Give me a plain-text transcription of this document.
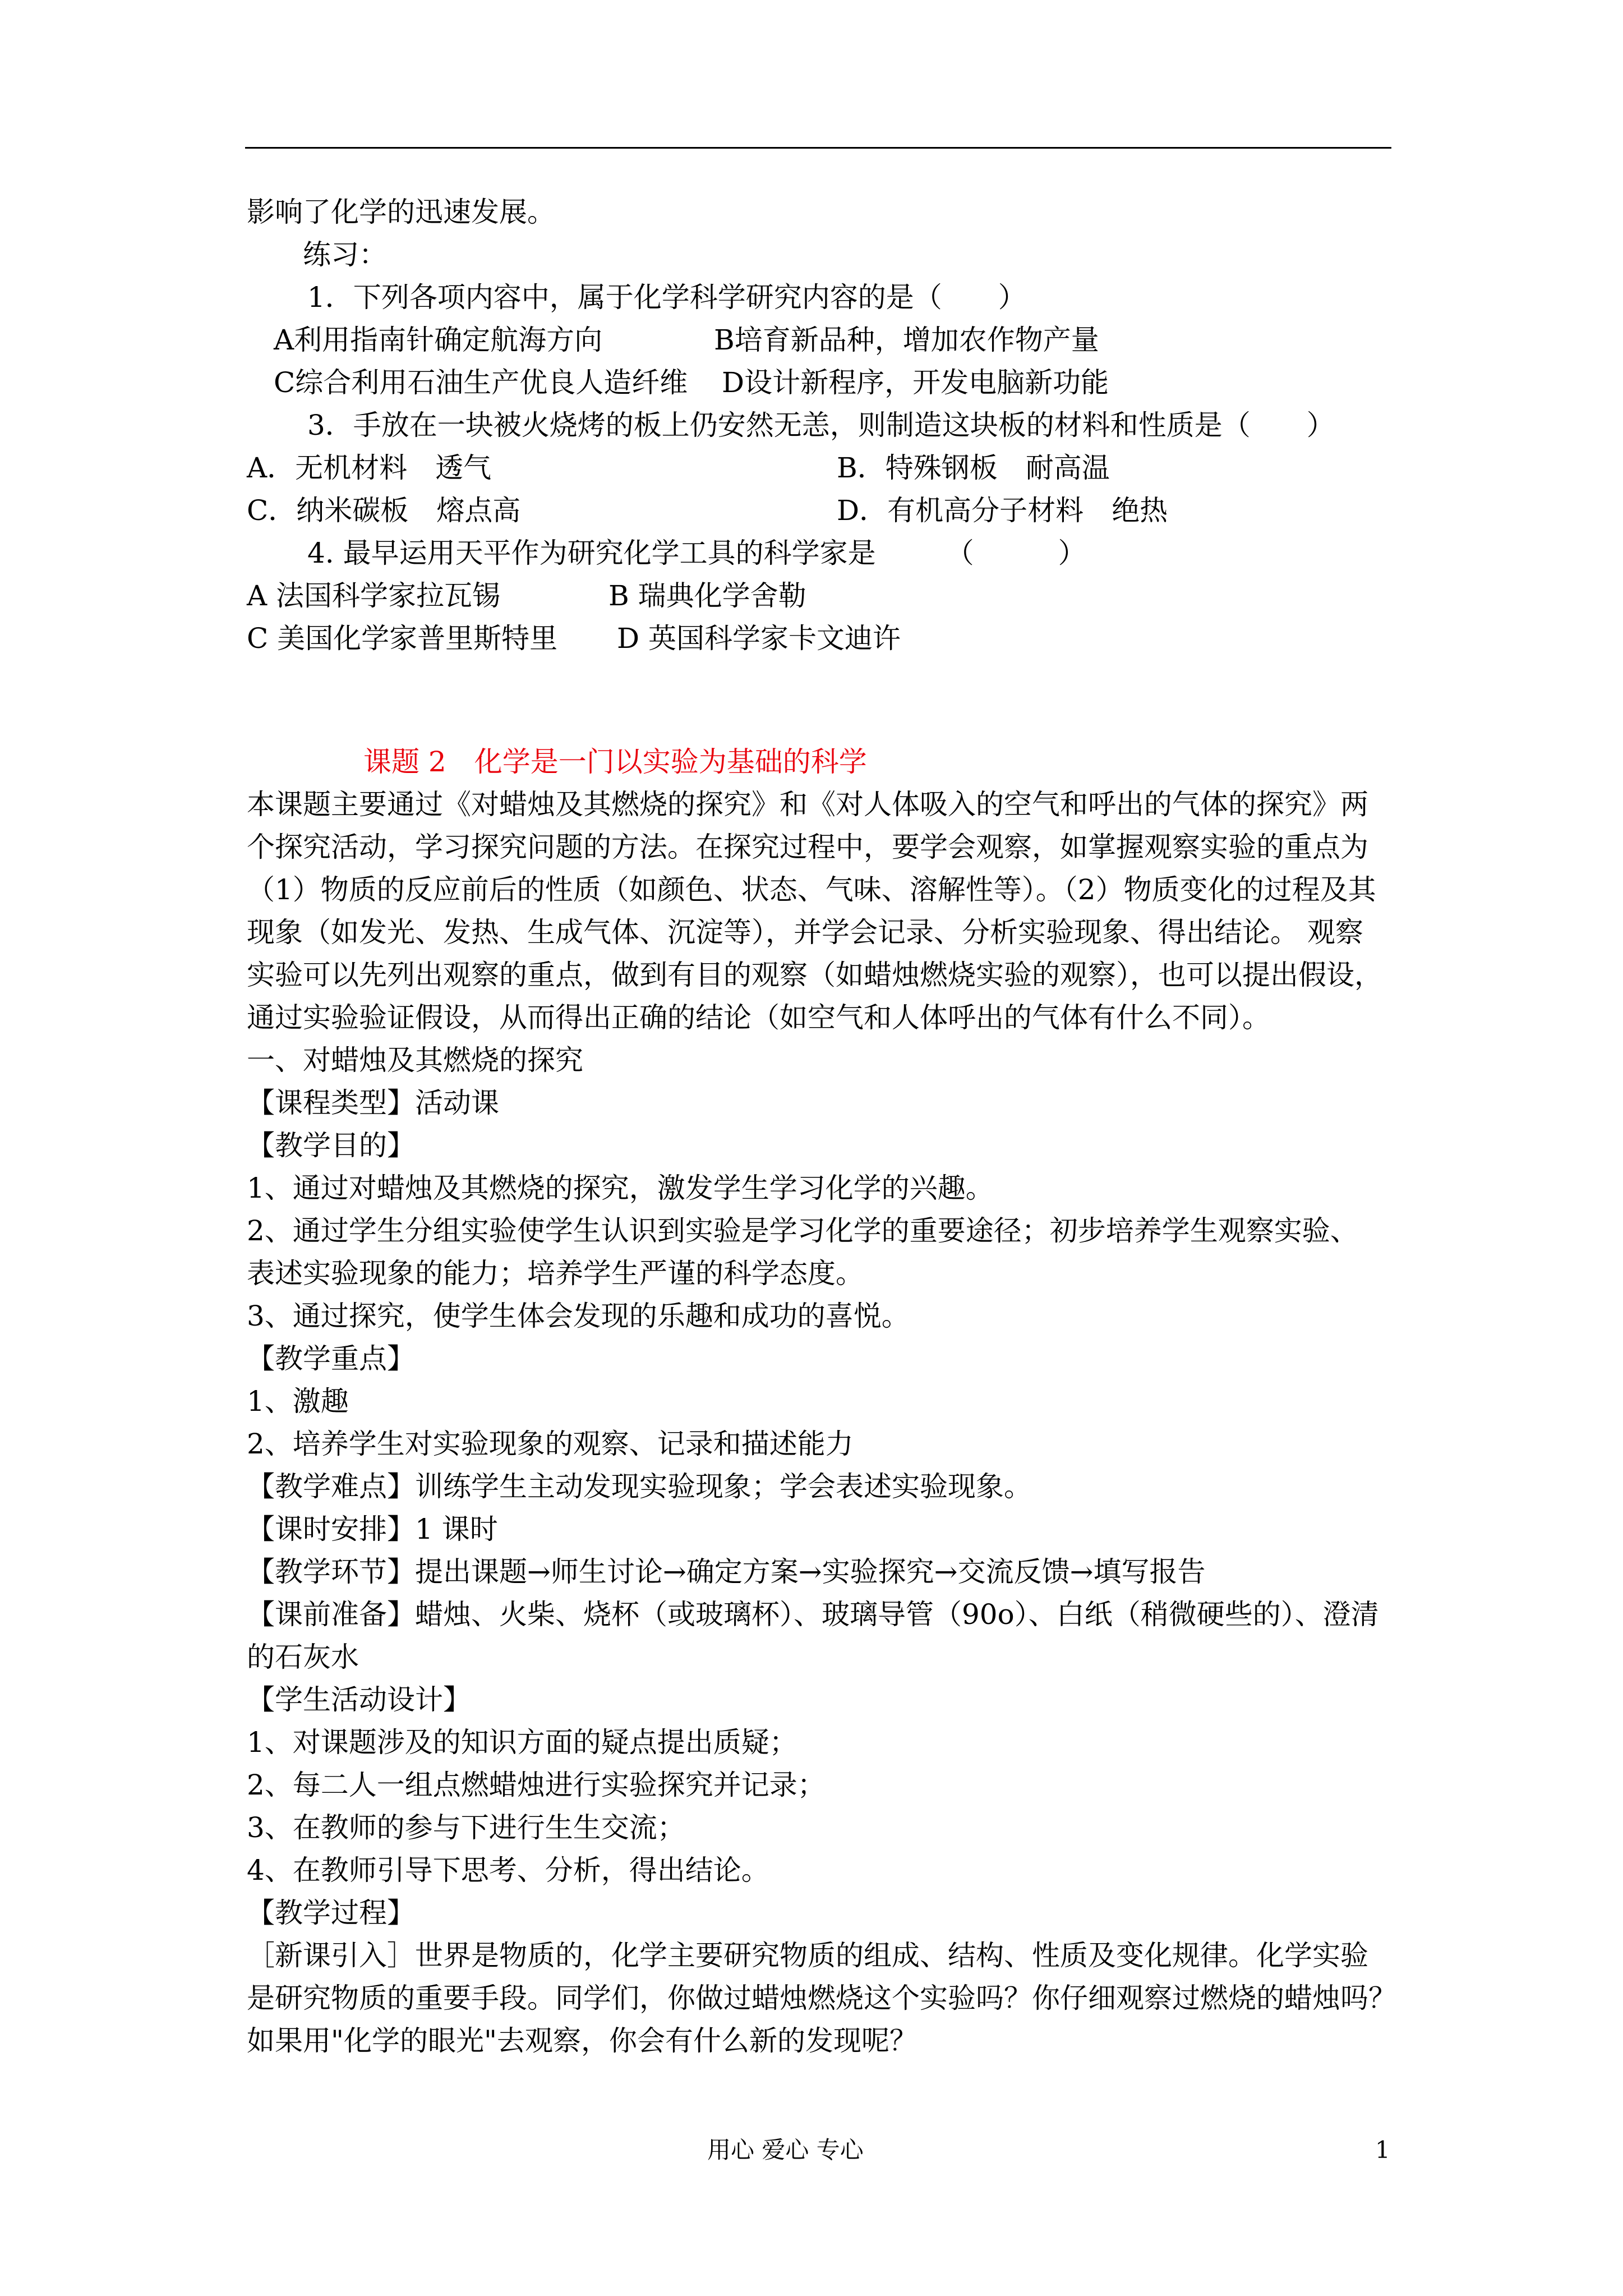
影响了化学的迅速发展。

练习：

1．下列各项内容中，属于化学科学研究内容的是（　　）

A利用指南针确定航海方向	B培育新品种，增加农作物产量
C综合利用石油生产优良人造纤维	D设计新程序，开发电脑新功能

3．手放在一块被火烧烤的板上仍安然无恙，则制造这块板的材料和性质是（　　）

A．无机材料　透气	B．特殊钢板　耐高温
C．纳米碳板　熔点高	D．有机高分子材料　绝热

4. 最早运用天平作为研究化学工具的科学家是　　　（　　　）

A 法国科学家拉瓦锡	B 瑞典化学舍勒
C 美国化学家普里斯特里	D 英国科学家卡文迪许

课题 2　化学是一门以实验为基础的科学

本课题主要通过《对蜡烛及其燃烧的探究》和《对人体吸入的空气和呼出的气体的探究》两

个探究活动，学习探究问题的方法。在探究过程中，要学会观察，如掌握观察实验的重点为

（1）物质的反应前后的性质（如颜色、状态、气味、溶解性等）。（2）物质变化的过程及其

现象（如发光、发热、生成气体、沉淀等），并学会记录、分析实验现象、得出结论。 观察

实验可以先列出观察的重点，做到有目的观察（如蜡烛燃烧实验的观察），也可以提出假设，

通过实验验证假设，从而得出正确的结论（如空气和人体呼出的气体有什么不同）。

一、对蜡烛及其燃烧的探究

【课程类型】活动课

【教学目的】

1、通过对蜡烛及其燃烧的探究，激发学生学习化学的兴趣。

2、通过学生分组实验使学生认识到实验是学习化学的重要途径；初步培养学生观察实验、

表述实验现象的能力；培养学生严谨的科学态度。

3、通过探究，使学生体会发现的乐趣和成功的喜悦。

【教学重点】

1、激趣

2、培养学生对实验现象的观察、记录和描述能力

【教学难点】训练学生主动发现实验现象；学会表述实验现象。

【课时安排】1 课时

【教学环节】提出课题→师生讨论→确定方案→实验探究→交流反馈→填写报告

【课前准备】蜡烛、火柴、烧杯（或玻璃杯）、玻璃导管（90o）、白纸（稍微硬些的）、澄清

的石灰水

【学生活动设计】

1、对课题涉及的知识方面的疑点提出质疑；

2、每二人一组点燃蜡烛进行实验探究并记录；

3、在教师的参与下进行生生交流；

4、在教师引导下思考、分析，得出结论。

【教学过程】

［新课引入］世界是物质的，化学主要研究物质的组成、结构、性质及变化规律。化学实验

是研究物质的重要手段。同学们，你做过蜡烛燃烧这个实验吗？你仔细观察过燃烧的蜡烛吗？

如果用"化学的眼光"去观察，你会有什么新的发现呢？

用心 爱心 专心	1
